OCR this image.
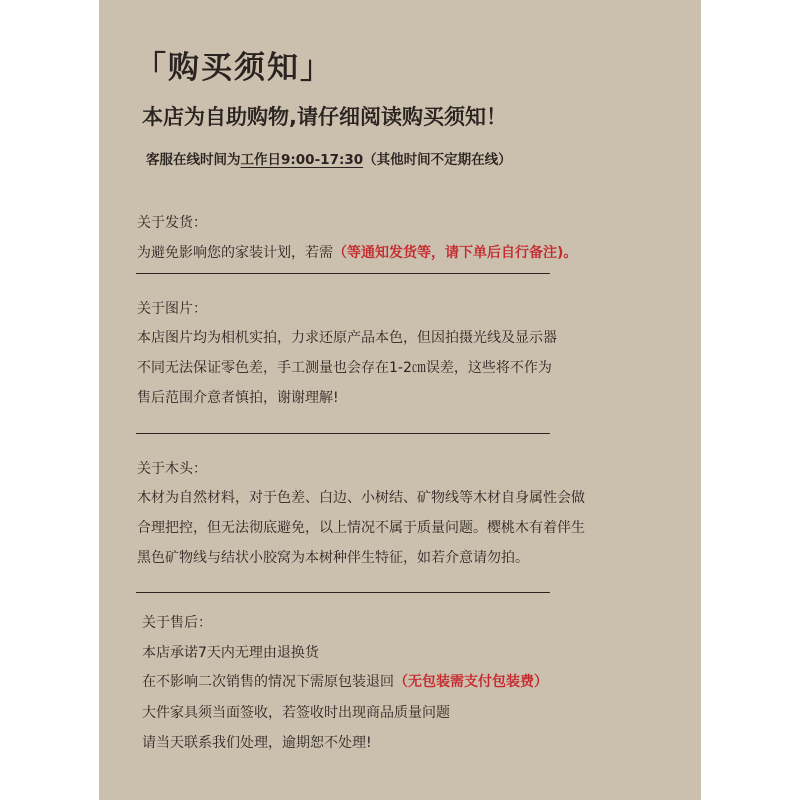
「购买须知」
本店为自助购物,请仔细阅读购买须知！
客服在线时间为工作日9:00-17:30（其他时间不定期在线）
关于发货：
为避免影响您的家装计划，若需（等通知发货等，请下单后自行备注)。
关于图片：
本店图片均为相机实拍，力求还原产品本色，但因拍摄光线及显示器
不同无法保证零色差，手工测量也会存在1-2㎝误差，这些将不作为
售后范围介意者慎拍，谢谢理解!
关于木头：
木材为自然材料，对于色差、白边、小树结、矿物线等木材自身属性会做
合理把控，但无法彻底避免，以上情况不属于质量问题。樱桃木有着伴生
黑色矿物线与结状小胶窝为本树种伴生特征，如若介意请勿拍。
关于售后：
本店承诺7天内无理由退换货
在不影响二次销售的情况下需原包装退回（无包装需支付包装费）
大件家具须当面签收，若签收时出现商品质量问题
请当天联系我们处理，逾期恕不处理!
